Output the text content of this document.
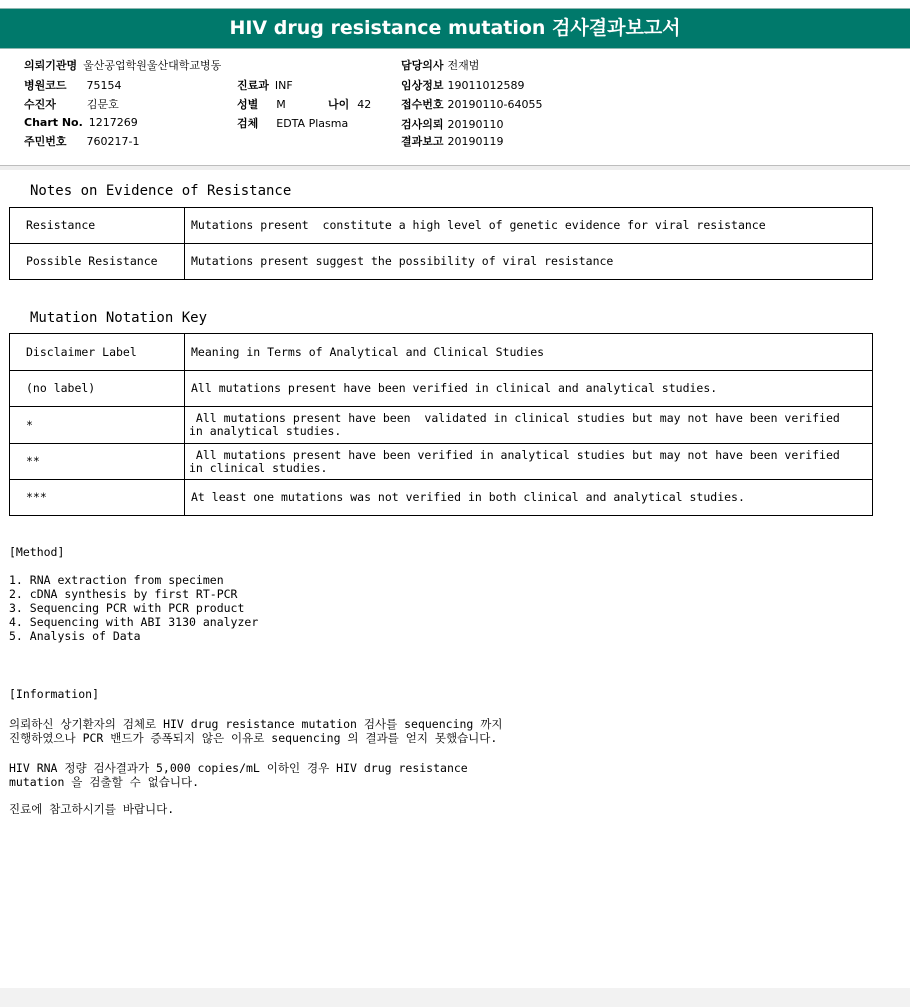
HIV drug resistance mutation 검사결과보고서
의뢰기관명 울산공업학원울산대학교병동
병원코드 75154
수진자	김문호
Chart No. 1217269
주민번호 760217-1
진료과 INF
성별 M	나이 42
검체 EDTA Plasma
담당의사 전재범
임상정보 19011012589
접수번호 20190110-64055
검사의뢰 20190110
결과보고 20190119
Notes on Evidence of Resistance
Resistance	Mutations present  constitute a high level of genetic evidence for viral resistance
Possible Resistance	Mutations present suggest the possibility of viral resistance
Mutation Notation Key
Disclaimer Label	Meaning in Terms of Analytical and Clinical Studies
(no label)	All mutations present have been verified in clinical and analytical studies.
*	All mutations present have been  validated in clinical studies but may not have been verified
in analytical studies.
**	All mutations present have been verified in analytical studies but may not have been verified
in clinical studies.
***	At least one mutations was not verified in both clinical and analytical studies.
[Method]
1. RNA extraction from specimen
2. cDNA synthesis by first RT-PCR
3. Sequencing PCR with PCR product
4. Sequencing with ABI 3130 analyzer
5. Analysis of Data
[Information]
의뢰하신 상기환자의 검체로 HIV drug resistance mutation 검사를 sequencing 까지
진행하였으나 PCR 밴드가 증폭되지 않은 이유로 sequencing 의 결과를 얻지 못했습니다.
HIV RNA 정량 검사결과가 5,000 copies/mL 이하인 경우 HIV drug resistance
mutation 을 검출할 수 없습니다.
진료에 참고하시기를 바랍니다.
